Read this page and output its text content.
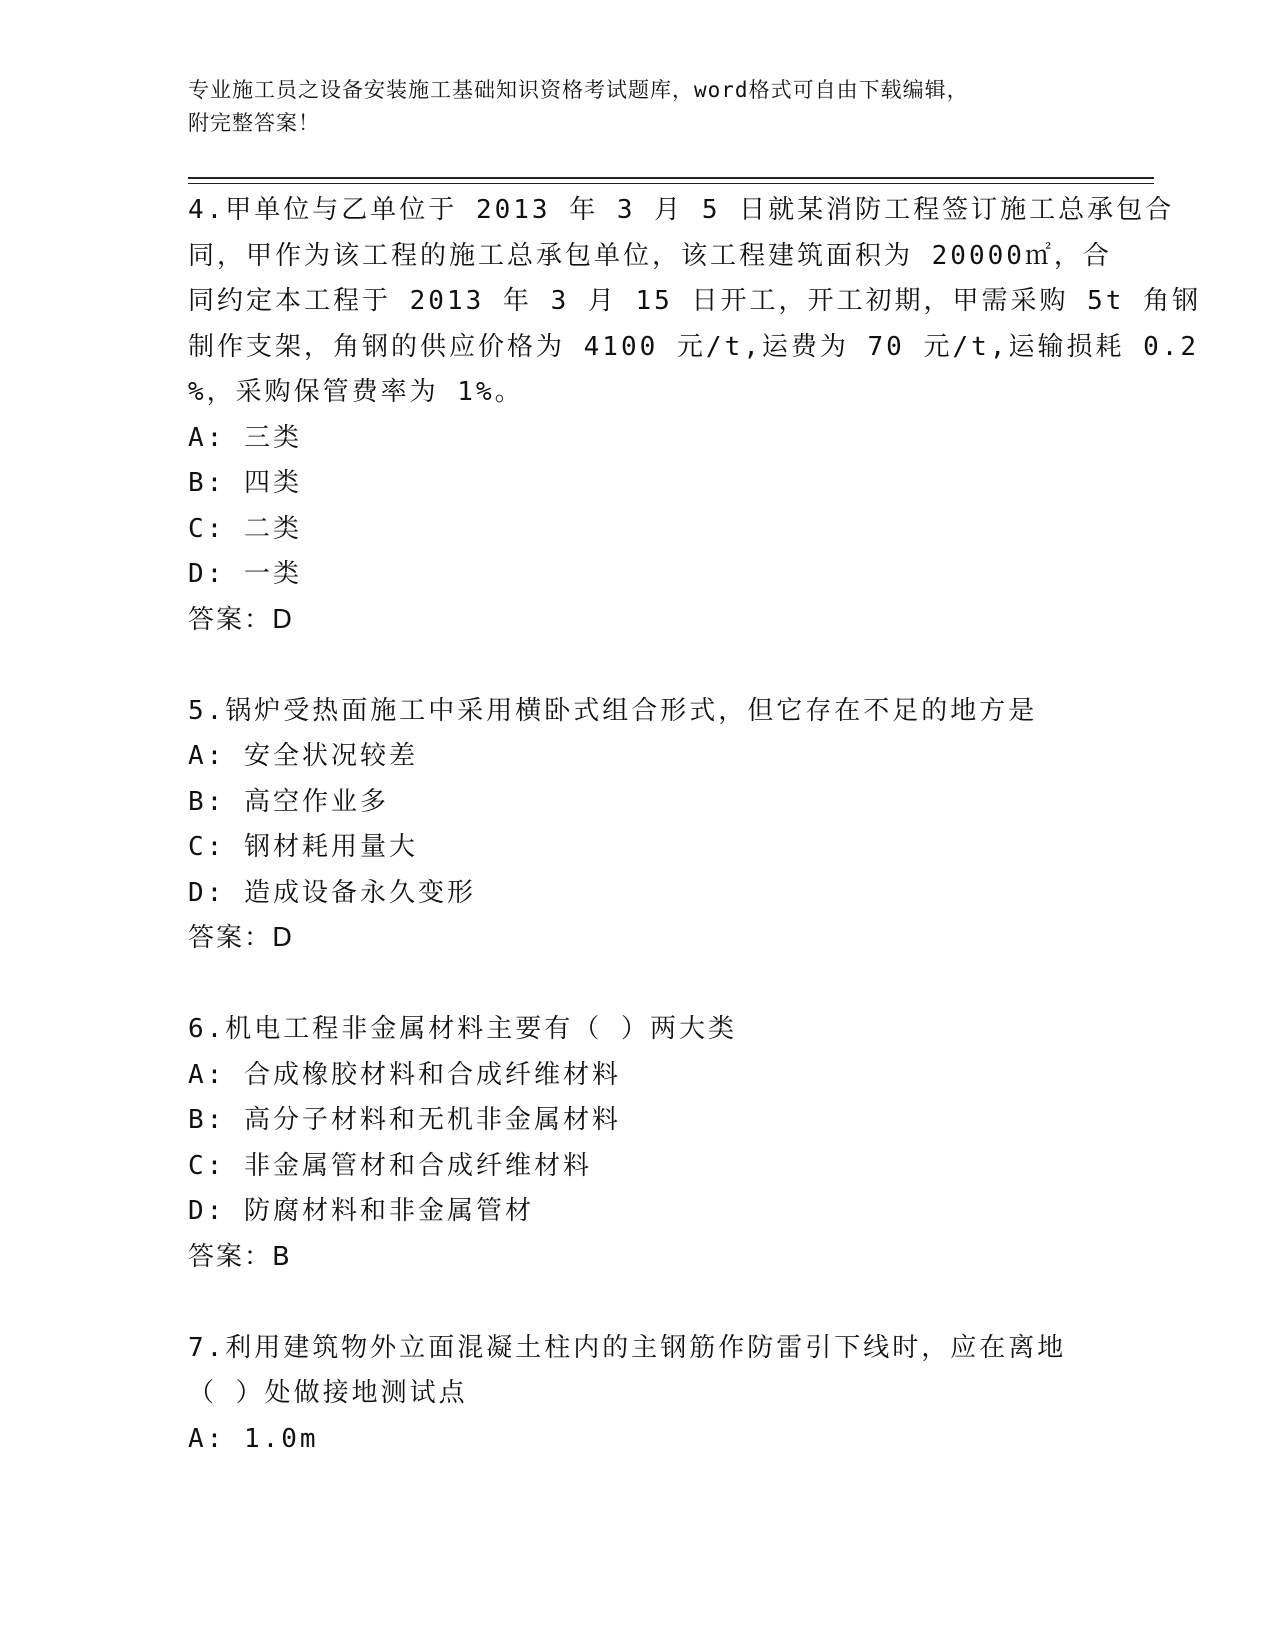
专业施工员之设备安装施工基础知识资格考试题库，word格式可自由下载编辑，
附完整答案！
4.甲单位与乙单位于 2013 年 3 月 5 日就某消防工程签订施工总承包合
同，甲作为该工程的施工总承包单位，该工程建筑面积为 20000㎡，合
同约定本工程于 2013 年 3 月 15 日开工，开工初期，甲需采购 5t 角钢
制作支架，角钢的供应价格为 4100 元/t,运费为 70 元/t,运输损耗 0.2
%，采购保管费率为 1%。
A: 三类
B: 四类
C: 二类
D: 一类
答案：D
5.锅炉受热面施工中采用横卧式组合形式，但它存在不足的地方是
A: 安全状况较差
B: 高空作业多
C: 钢材耗用量大
D: 造成设备永久变形
答案：D
6.机电工程非金属材料主要有（ ）两大类
A: 合成橡胶材料和合成纤维材料
B: 高分子材料和无机非金属材料
C: 非金属管材和合成纤维材料
D: 防腐材料和非金属管材
答案：B
7.利用建筑物外立面混凝土柱内的主钢筋作防雷引下线时，应在离地
（ ）处做接地测试点
A: 1.0m
